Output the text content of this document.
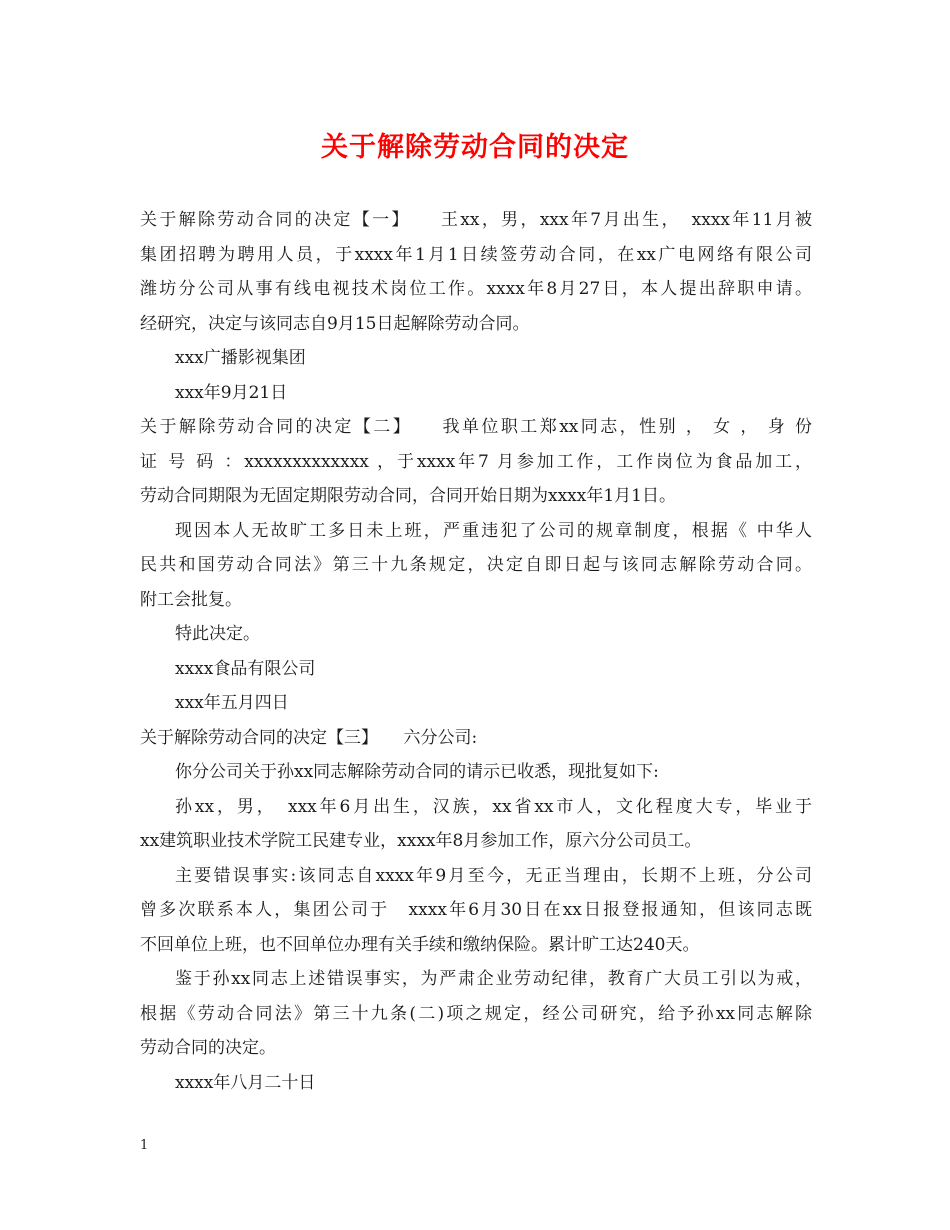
关于解除劳动合同的决定
关于解除劳动合同的决定【一】　　王xx，男，xxx年7月出生，　xxxx年11月被
集团招聘为聘用人员，于xxxx年1月1日续签劳动合同，在xx广电网络有限公司
潍坊分公司从事有线电视技术岗位工作。xxxx年8月27日，本人提出辞职申请。
经研究，决定与该同志自9月15日起解除劳动合同。
xxx广播影视集团
xxx年9月21日
关于解除劳动合同的决定【二】　　我单位职工郑xx同志，性别 ， 女 ， 身 份
证 号 码 ：xxxxxxxxxxxxx ，于xxxx年7 月参加工作，工作岗位为食品加工，
劳动合同期限为无固定期限劳动合同，合同开始日期为xxxx年1月1日。
现因本人无故旷工多日未上班，严重违犯了公司的规章制度，根据《 中华人
民共和国劳动合同法》第三十九条规定，决定自即日起与该同志解除劳动合同。
附工会批复。
特此决定。
xxxx食品有限公司
xxx年五月四日
关于解除劳动合同的决定【三】　　六分公司:
你分公司关于孙xx同志解除劳动合同的请示已收悉，现批复如下:
孙xx，男，　xxx年6月出生，汉族，xx省xx市人，文化程度大专，毕业于
xx建筑职业技术学院工民建专业，xxxx年8月参加工作，原六分公司员工。
主要错误事实:该同志自xxxx年9月至今，无正当理由，长期不上班，分公司
曾多次联系本人，集团公司于　xxxx年6月30日在xx日报登报通知，但该同志既
不回单位上班，也不回单位办理有关手续和缴纳保险。累计旷工达240天。
鉴于孙xx同志上述错误事实，为严肃企业劳动纪律，教育广大员工引以为戒，
根据《劳动合同法》第三十九条(二)项之规定，经公司研究，给予孙xx同志解除
劳动合同的决定。
xxxx年八月二十日
1
